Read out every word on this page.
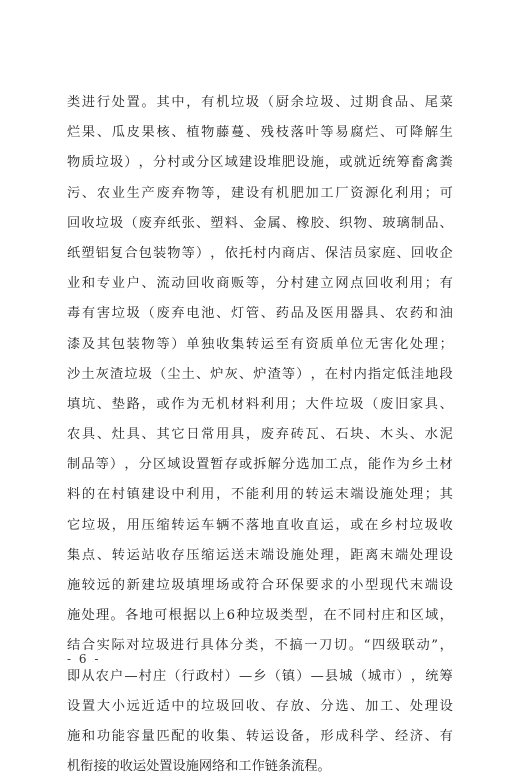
类 进 行 处 置 。 其 中 ， 有 机 垃 圾 （ 厨 余 垃 圾 、 过 期 食 品 、 尾 菜
烂 果 、 瓜 皮 果 核 、 植 物 藤 蔓 、 残 枝 落 叶 等 易 腐 烂 、 可 降 解 生
物 质 垃 圾 ） ， 分 村 或 分 区 域 建 设 堆 肥 设 施 ， 或 就 近 统 筹 畜 禽 粪
污 、 农 业 生 产 废 弃 物 等 ， 建 设 有 机 肥 加 工 厂 资 源 化 利 用 ； 可
回 收 垃 圾 （ 废 弃 纸 张 、 塑 料 、 金 属 、 橡 胶 、 织 物 、 玻 璃 制 品 、
纸 塑 铝 复 合 包 装 物 等 ） ， 依 托 村 内 商 店 、 保 洁 员 家 庭 、 回 收 企
业 和 专 业 户 、 流 动 回 收 商 贩 等 ， 分 村 建 立 网 点 回 收 利 用 ； 有
毒 有 害 垃 圾 （ 废 弃 电 池 、 灯 管 、 药 品 及 医 用 器 具 、 农 药 和 油
漆 及 其 包 装 物 等 ） 单 独 收 集 转 运 至 有 资 质 单 位 无 害 化 处 理 ；
沙 土 灰 渣 垃 圾 （ 尘 土 、 炉 灰 、 炉 渣 等 ） ， 在 村 内 指 定 低 洼 地 段
填 坑 、 垫 路 ， 或 作 为 无 机 材 料 利 用 ； 大 件 垃 圾 （ 废 旧 家 具 、
农 具 、 灶 具 、 其 它 日 常 用 具 ， 废 弃 砖 瓦 、 石 块 、 木 头 、 水 泥
制 品 等 ） ， 分 区 域 设 置 暂 存 或 拆 解 分 选 加 工 点 ， 能 作 为 乡 土 材
料 的 在 村 镇 建 设 中 利 用 ， 不 能 利 用 的 转 运 末 端 设 施 处 理 ； 其
它 垃 圾 ， 用 压 缩 转 运 车 辆 不 落 地 直 收 直 运 ， 或 在 乡 村 垃 圾 收
集 点 、 转 运 站 收 存 压 缩 运 送 末 端 设 施 处 理 ， 距 离 末 端 处 理 设
施 较 远 的 新 建 垃 圾 填 埋 场 或 符 合 环 保 要 求 的 小 型 现 代 末 端 设
施 处 理 。 各 地 可 根 据 以 上 6 种 垃 圾 类 型 ， 在 不 同 村 庄 和 区 域 ，
结 合 实 际 对 垃 圾 进 行 具 体 分 类 ， 不 搞 一 刀 切 。 “ 四 级 联 动 ” ，
即 从 农 户 — 村 庄 （ 行 政 村 ） — 乡 （ 镇 ） — 县 城 （ 城 市 ） ， 统 筹
设 置 大 小 远 近 适 中 的 垃 圾 回 收 、 存 放 、 分 选 、 加 工 、 处 理 设
施 和 功 能 容 量 匹 配 的 收 集 、 转 运 设 备 ， 形 成 科 学 、 经 济 、 有
机衔接的收运处置设施网络和工作链条流程。
- 6 -
